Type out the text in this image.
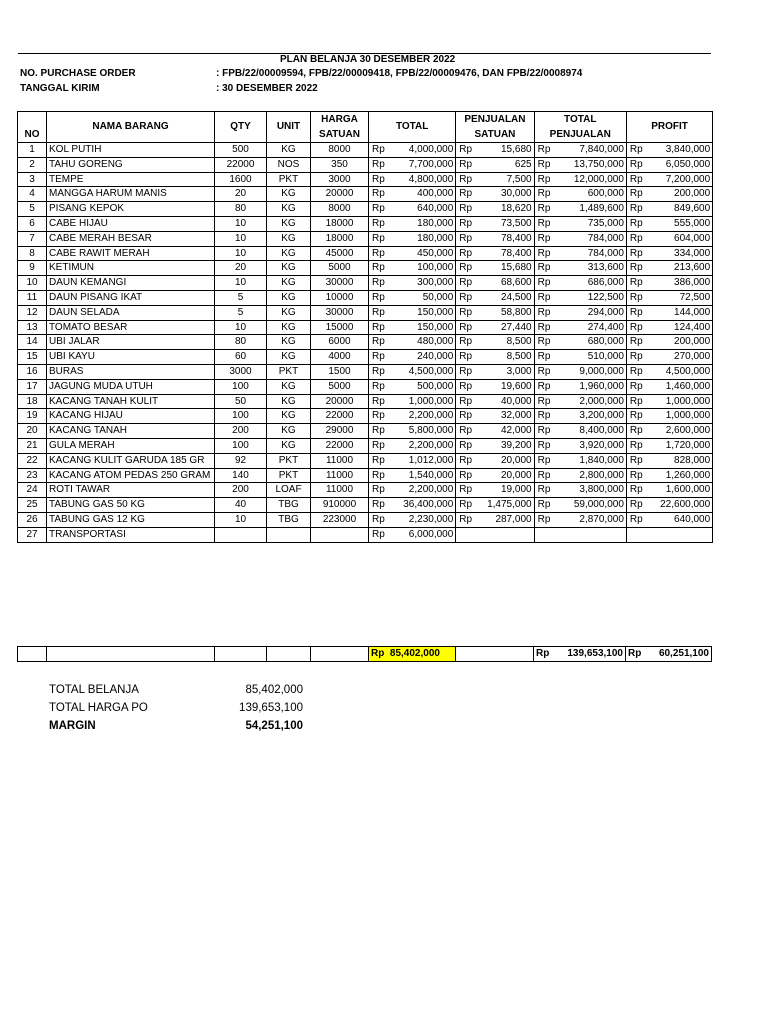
PLAN BELANJA 30 DESEMBER 2022
NO. PURCHASE ORDER	: FPB/22/00009594, FPB/22/00009418, FPB/22/00009476, DAN FPB/22/0008974
TANGGAL KIRIM	: 30 DESEMBER 2022
NO	NAMA BARANG	QTY	UNIT	HARGA	TOTAL		PENJUALAN		TOTAL		PROFIT	
				SATUAN			SATUAN		PENJUALAN			
1	KOL PUTIH	500	KG	8000	Rp	4,000,000	Rp	15,680	Rp	7,840,000	Rp	3,840,000
2	TAHU GORENG	22000	NOS	350	Rp	7,700,000	Rp	625	Rp	13,750,000	Rp	6,050,000
3	TEMPE	1600	PKT	3000	Rp	4,800,000	Rp	7,500	Rp	12,000,000	Rp	7,200,000
4	MANGGA HARUM MANIS	20	KG	20000	Rp	400,000	Rp	30,000	Rp	600,000	Rp	200,000
5	PISANG KEPOK	80	KG	8000	Rp	640,000	Rp	18,620	Rp	1,489,600	Rp	849,600
6	CABE HIJAU	10	KG	18000	Rp	180,000	Rp	73,500	Rp	735,000	Rp	555,000
7	CABE MERAH BESAR	10	KG	18000	Rp	180,000	Rp	78,400	Rp	784,000	Rp	604,000
8	CABE RAWIT MERAH	10	KG	45000	Rp	450,000	Rp	78,400	Rp	784,000	Rp	334,000
9	KETIMUN	20	KG	5000	Rp	100,000	Rp	15,680	Rp	313,600	Rp	213,600
10	DAUN KEMANGI	10	KG	30000	Rp	300,000	Rp	68,600	Rp	686,000	Rp	386,000
11	DAUN PISANG IKAT	5	KG	10000	Rp	50,000	Rp	24,500	Rp	122,500	Rp	72,500
12	DAUN SELADA	5	KG	30000	Rp	150,000	Rp	58,800	Rp	294,000	Rp	144,000
13	TOMATO BESAR	10	KG	15000	Rp	150,000	Rp	27,440	Rp	274,400	Rp	124,400
14	UBI JALAR	80	KG	6000	Rp	480,000	Rp	8,500	Rp	680,000	Rp	200,000
15	UBI KAYU	60	KG	4000	Rp	240,000	Rp	8,500	Rp	510,000	Rp	270,000
16	BURAS	3000	PKT	1500	Rp	4,500,000	Rp	3,000	Rp	9,000,000	Rp	4,500,000
17	JAGUNG MUDA UTUH	100	KG	5000	Rp	500,000	Rp	19,600	Rp	1,960,000	Rp	1,460,000
18	KACANG TANAH KULIT	50	KG	20000	Rp	1,000,000	Rp	40,000	Rp	2,000,000	Rp	1,000,000
19	KACANG HIJAU	100	KG	22000	Rp	2,200,000	Rp	32,000	Rp	3,200,000	Rp	1,000,000
20	KACANG TANAH	200	KG	29000	Rp	5,800,000	Rp	42,000	Rp	8,400,000	Rp	2,600,000
21	GULA MERAH	100	KG	22000	Rp	2,200,000	Rp	39,200	Rp	3,920,000	Rp	1,720,000
22	KACANG KULIT GARUDA 185 GR	92	PKT	11000	Rp	1,012,000	Rp	20,000	Rp	1,840,000	Rp	828,000
23	KACANG ATOM PEDAS 250 GRAM	140	PKT	11000	Rp	1,540,000	Rp	20,000	Rp	2,800,000	Rp	1,260,000
24	ROTI TAWAR	200	LOAF	11000	Rp	2,200,000	Rp	19,000	Rp	3,800,000	Rp	1,600,000
25	TABUNG GAS 50 KG	40	TBG	910000	Rp	36,400,000	Rp	1,475,000	Rp	59,000,000	Rp	22,600,000
26	TABUNG GAS 12 KG	10	TBG	223000	Rp	2,230,000	Rp	287,000	Rp	2,870,000	Rp	640,000
27	TRANSPORTASI				Rp	6,000,000						
					Rp 85,402,000		Rp 139,653,100	Rp 60,251,100
TOTAL BELANJA	85,402,000
TOTAL HARGA PO	139,653,100
MARGIN	54,251,100
